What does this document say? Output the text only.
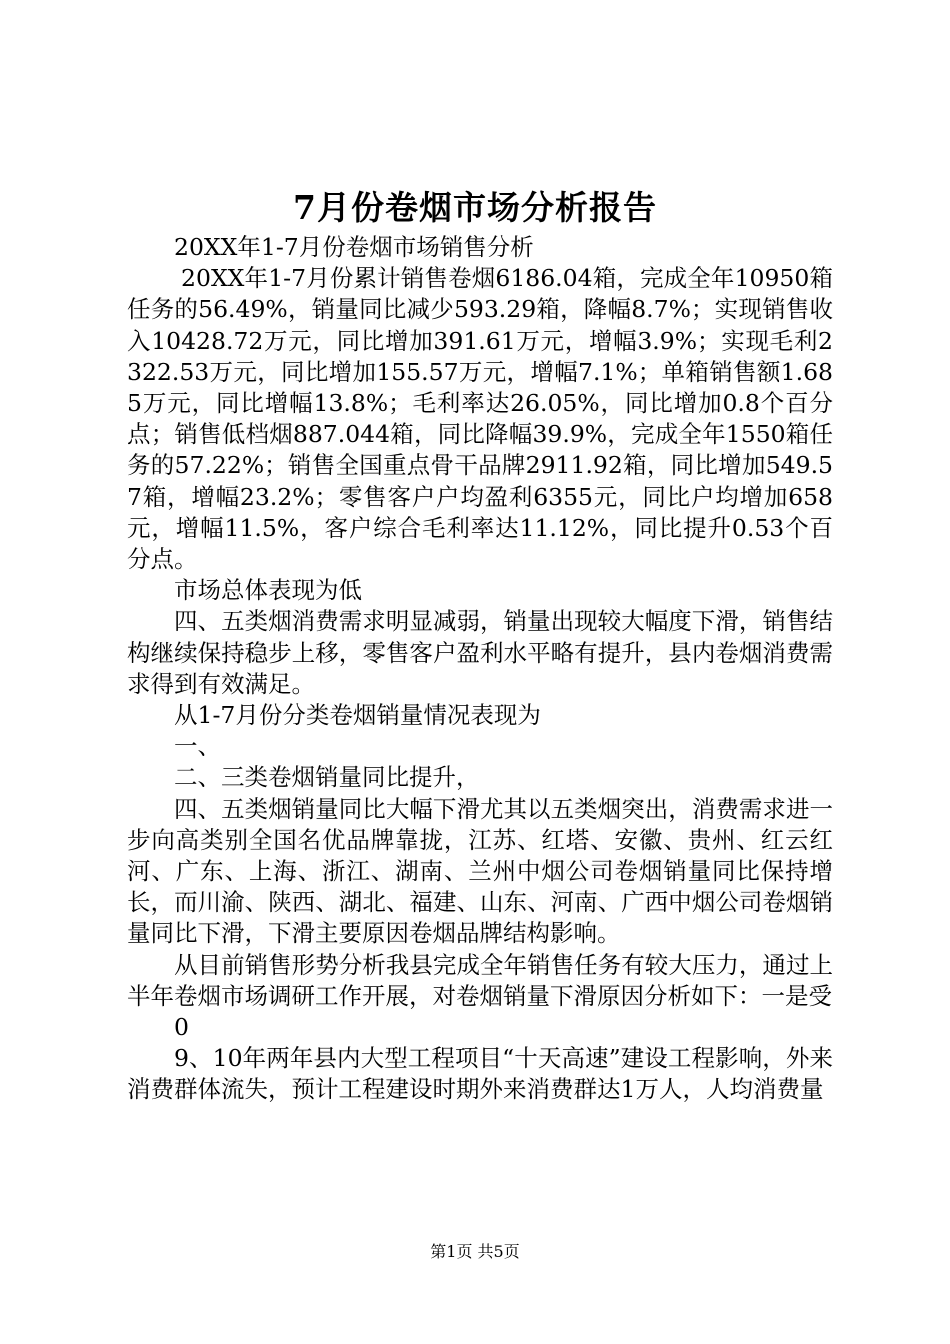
7月份卷烟市场分析报告

20XX年1-7月份卷烟市场销售分析

20XX年1-7月份累计销售卷烟6186.04箱，完成全年10950箱任务的56.49%，销量同比减少593.29箱，降幅8.7%；实现销售收入10428.72万元，同比增加391.61万元，增幅3.9%；实现毛利2322.53万元，同比增加155.57万元，增幅7.1%；单箱销售额1.685万元，同比增幅13.8%；毛利率达26.05%，同比增加0.8个百分点；销售低档烟887.044箱，同比降幅39.9%，完成全年1550箱任务的57.22%；销售全国重点骨干品牌2911.92箱，同比增加549.57箱，增幅23.2%；零售客户户均盈利6355元，同比户均增加658元，增幅11.5%，客户综合毛利率达11.12%，同比提升0.53个百分点。

市场总体表现为低

四、五类烟消费需求明显减弱，销量出现较大幅度下滑，销售结构继续保持稳步上移，零售客户盈利水平略有提升，县内卷烟消费需求得到有效满足。

从1-7月份分类卷烟销量情况表现为

一、

二、三类卷烟销量同比提升，

四、五类烟销量同比大幅下滑尤其以五类烟突出，消费需求进一步向高类别全国名优品牌靠拢，江苏、红塔、安徽、贵州、红云红河、广东、上海、浙江、湖南、兰州中烟公司卷烟销量同比保持增长，而川渝、陕西、湖北、福建、山东、河南、广西中烟公司卷烟销量同比下滑，下滑主要原因卷烟品牌结构影响。

从目前销售形势分析我县完成全年销售任务有较大压力，通过上半年卷烟市场调研工作开展，对卷烟销量下滑原因分析如下：一是受

0

9、10年两年县内大型工程项目“十天高速”建设工程影响，外来消费群体流失，预计工程建设时期外来消费群达1万人，人均消费量

第1页 共5页
